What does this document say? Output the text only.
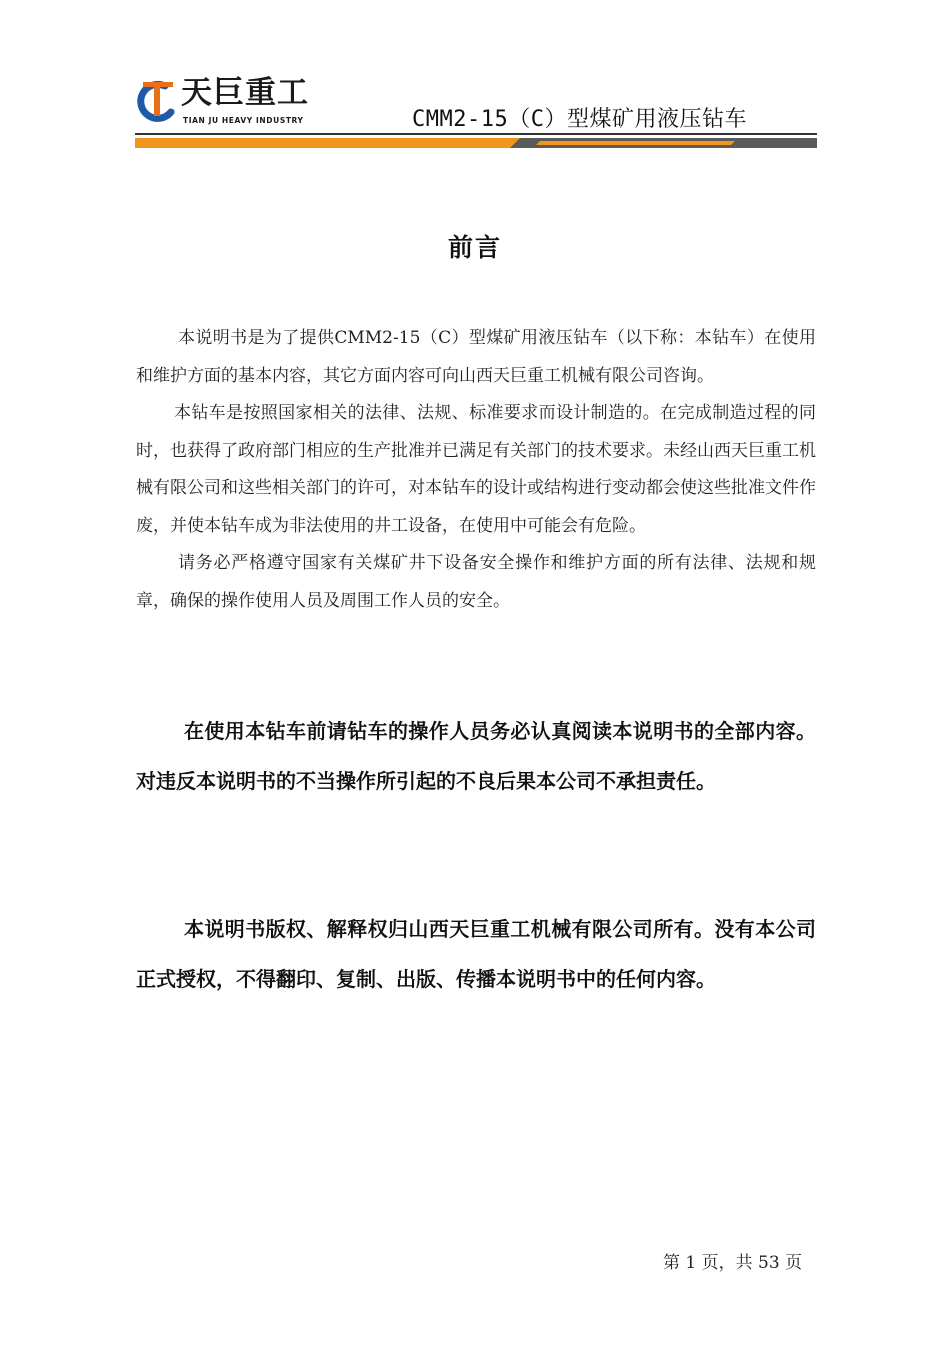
天巨重工
TIAN JU HEAVY INDUSTRY	CMM2-15（C）型煤矿用液压钻车
前言

本说明书是为了提供CMM2-15（C）型煤矿用液压钻车（以下称：本钻车）在使用和维护方面的基本内容，其它方面内容可向山西天巨重工机械有限公司咨询。

本钻车是按照国家相关的法律、法规、标准要求而设计制造的。在完成制造过程的同时，也获得了政府部门相应的生产批准并已满足有关部门的技术要求。未经山西天巨重工机械有限公司和这些相关部门的许可，对本钻车的设计或结构进行变动都会使这些批准文件作废，并使本钻车成为非法使用的井工设备，在使用中可能会有危险。

请务必严格遵守国家有关煤矿井下设备安全操作和维护方面的所有法律、法规和规章，确保的操作使用人员及周围工作人员的安全。

在使用本钻车前请钻车的操作人员务必认真阅读本说明书的全部内容。对违反本说明书的不当操作所引起的不良后果本公司不承担责任。

本说明书版权、解释权归山西天巨重工机械有限公司所有。没有本公司正式授权，不得翻印、复制、出版、传播本说明书中的任何内容。

第 1 页，共 53 页
